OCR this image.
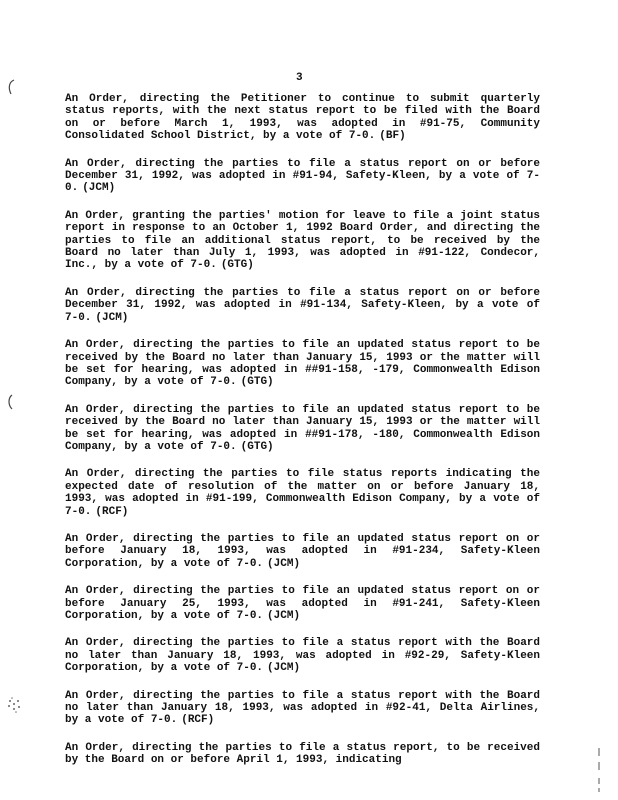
3

An Order, directing the Petitioner to continue to submit quarterly status reports, with the next status report to be filed with the Board on or before March 1, 1993, was adopted in #91-75, Community Consolidated School District, by a vote of 7-0. (BF)

An Order, directing the parties to file a status report on or before December 31, 1992, was adopted in #91-94, Safety-Kleen, by a vote of 7-0. (JCM)

An Order, granting the parties' motion for leave to file a joint status report in response to an October 1, 1992 Board Order, and directing the parties to file an additional status report, to be received by the Board no later than July 1, 1993, was adopted in #91-122, Condecor, Inc., by a vote of 7-0. (GTG)

An Order, directing the parties to file a status report on or before December 31, 1992, was adopted in #91-134, Safety-Kleen, by a vote of 7-0. (JCM)

An Order, directing the parties to file an updated status report to be received by the Board no later than January 15, 1993 or the matter will be set for hearing, was adopted in ##91-158, -179, Commonwealth Edison Company, by a vote of 7-0. (GTG)

An Order, directing the parties to file an updated status report to be received by the Board no later than January 15, 1993 or the matter will be set for hearing, was adopted in ##91-178, -180, Commonwealth Edison Company, by a vote of 7-0. (GTG)

An Order, directing the parties to file status reports indicating the expected date of resolution of the matter on or before January 18, 1993, was adopted in #91-199, Commonwealth Edison Company, by a vote of 7-0. (RCF)

An Order, directing the parties to file an updated status report on or before January 18, 1993, was adopted in #91-234, Safety-Kleen Corporation, by a vote of 7-0. (JCM)

An Order, directing the parties to file an updated status report on or before January 25, 1993, was adopted in #91-241, Safety-Kleen Corporation, by a vote of 7-0. (JCM)

An Order, directing the parties to file a status report with the Board no later than January 18, 1993, was adopted in #92-29, Safety-Kleen Corporation, by a vote of 7-0. (JCM)

An Order, directing the parties to file a status report with the Board no later than January 18, 1993, was adopted in #92-41, Delta Airlines, by a vote of 7-0. (RCF)

An Order, directing the parties to file a status report, to be received by the Board on or before April 1, 1993, indicating
